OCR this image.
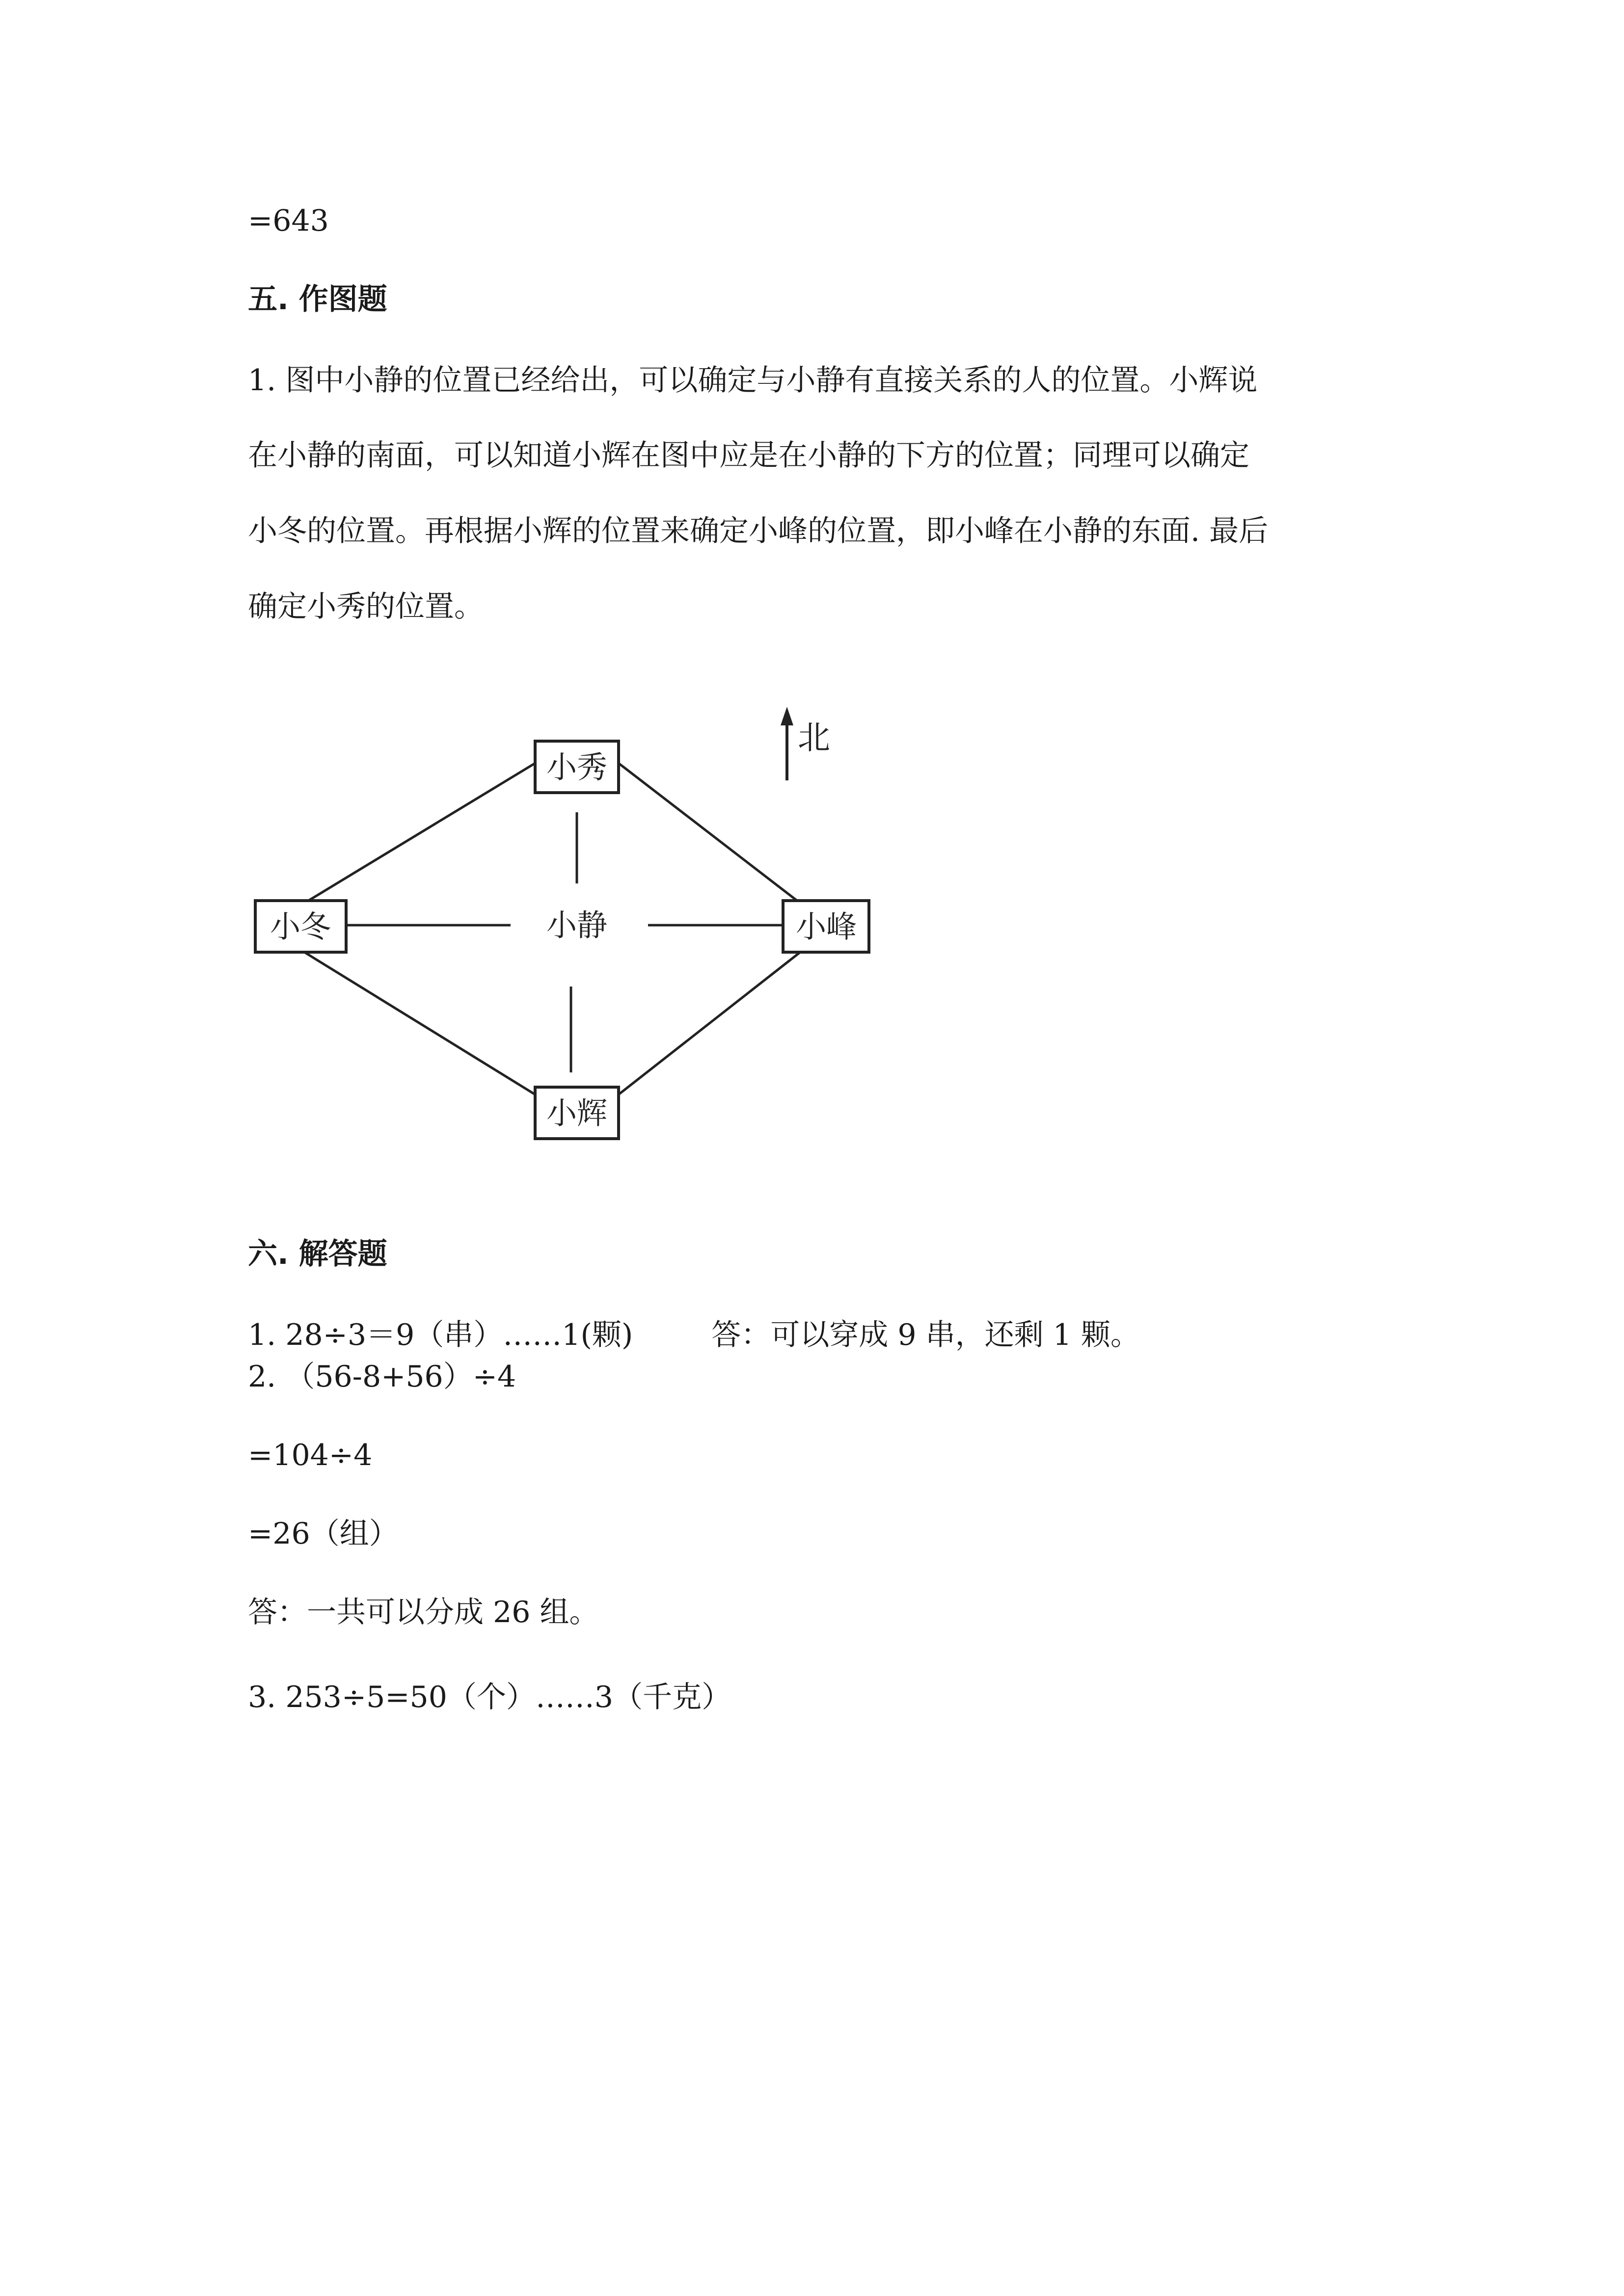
=643
五. 作图题
1. 图中小静的位置已经给出，可以确定与小静有直接关系的人的位置。小辉说
在小静的南面，可以知道小辉在图中应是在小静的下方的位置；同理可以确定
小冬的位置。再根据小辉的位置来确定小峰的位置，即小峰在小静的东面. 最后
确定小秀的位置。
小秀
小冬	小静	小峰
小辉
北
六. 解答题
1. 28÷3＝9（串）……1(颗)	答：可以穿成 9 串，还剩 1 颗。
2. （56-8+56）÷4
=104÷4
=26（组）
答：一共可以分成 26 组。
3. 253÷5=50（个）……3（千克）
